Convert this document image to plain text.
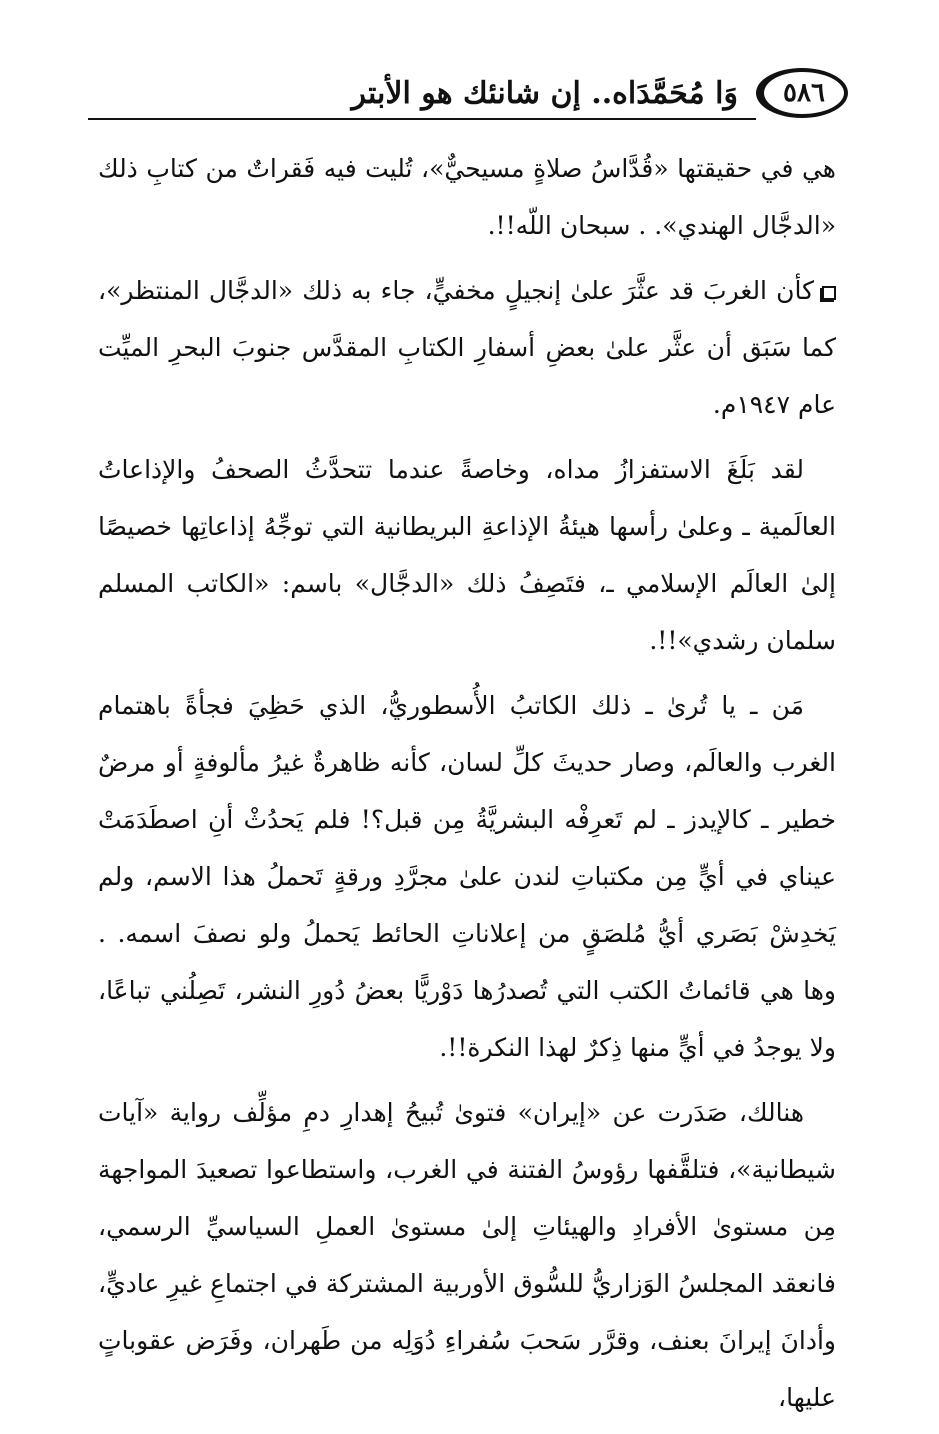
٥٨٦
وَا مُحَمَّدَاه.. إن شانئك هو الأبتر

هي في حقيقتها «قُدَّاسُ صلاةٍ مسيحيٌّ»، تُليت فيه فَقراتٌ من كتابِ ذلك «الدجَّال الهندي». . سبحان اللّه!!.

كأن الغربَ قد عثَّرَ علىٰ إنجيلٍ مخفيٍّ، جاء به ذلك «الدجَّال المنتظر»، كما سَبَق أن عثَّر علىٰ بعضِ أسفارِ الكتابِ المقدَّس جنوبَ البحرِ الميِّت عام ١٩٤٧م.

لقد بَلَغَ الاستفزازُ مداه، وخاصةً عندما تتحدَّثُ الصحفُ والإذاعاتُ العالَمية ـ وعلىٰ رأسها هيئةُ الإذاعةِ البريطانية التي توجِّهُ إذاعاتِها خصيصًا إلىٰ العالَم الإسلامي ـ، فتَصِفُ ذلك «الدجَّال» باسم: «الكاتب المسلم سلمان رشدي»!!.

مَن ـ يا تُرىٰ ـ ذلك الكاتبُ الأُسطوريُّ، الذي حَظِيَ فجأةً باهتمام الغرب والعالَم، وصار حديثَ كلِّ لسان، كأنه ظاهرةٌ غيرُ مألوفةٍ أو مرضٌ خطير ـ كالإيدز ـ لم تَعرِفْه البشريَّةُ مِن قبل؟! فلم يَحدُثْ أنِ اصطَدَمَتْ عيناي في أيٍّ مِن مكتباتِ لندن علىٰ مجرَّدِ ورقةٍ تَحملُ هذا الاسم، ولم يَخدِشْ بَصَري أيُّ مُلصَقٍ من إعلاناتِ الحائط يَحملُ ولو نصفَ اسمه. . وها هي قائماتُ الكتب التي تُصدرُها دَوْريًّا بعضُ دُورِ النشر، تَصِلُني تباعًا، ولا يوجدُ في أيٍّ منها ذِكرٌ لهذا النكرة!!.

هنالك، صَدَرت عن «إيران» فتوىٰ تُبيحُ إهدارِ دمِ مؤلِّف رواية «آيات شيطانية»، فتلقَّفها رؤوسُ الفتنة في الغرب، واستطاعوا تصعيدَ المواجهة مِن مستوىٰ الأفرادِ والهيئاتِ إلىٰ مستوىٰ العملِ السياسيِّ الرسمي، فانعقد المجلسُ الوَزاريُّ للسُّوق الأوربية المشتركة في اجتماعِ غيرِ عاديٍّ، وأدانَ إيرانَ بعنف، وقرَّر سَحبَ سُفراءِ دُوَلِه من طَهران، وفَرَض عقوباتٍ عليها،
